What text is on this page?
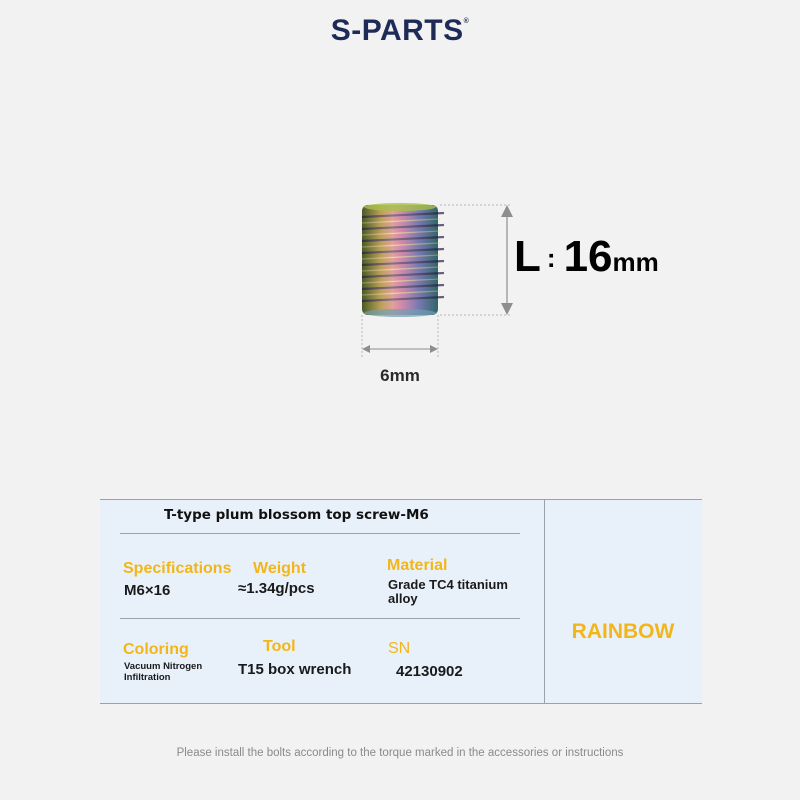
S-PARTS®
L : 16mm
6mm
T-type plum blossom top screw-M6
Specifications
M6×16
Weight
≈1.34g/pcs
Material
Grade TC4 titanium
alloy
Coloring
Vacuum Nitrogen
Infiltration
Tool
T15 box wrench
SN
42130902
RAINBOW
Please install the bolts according to the torque marked in the accessories or instructions
